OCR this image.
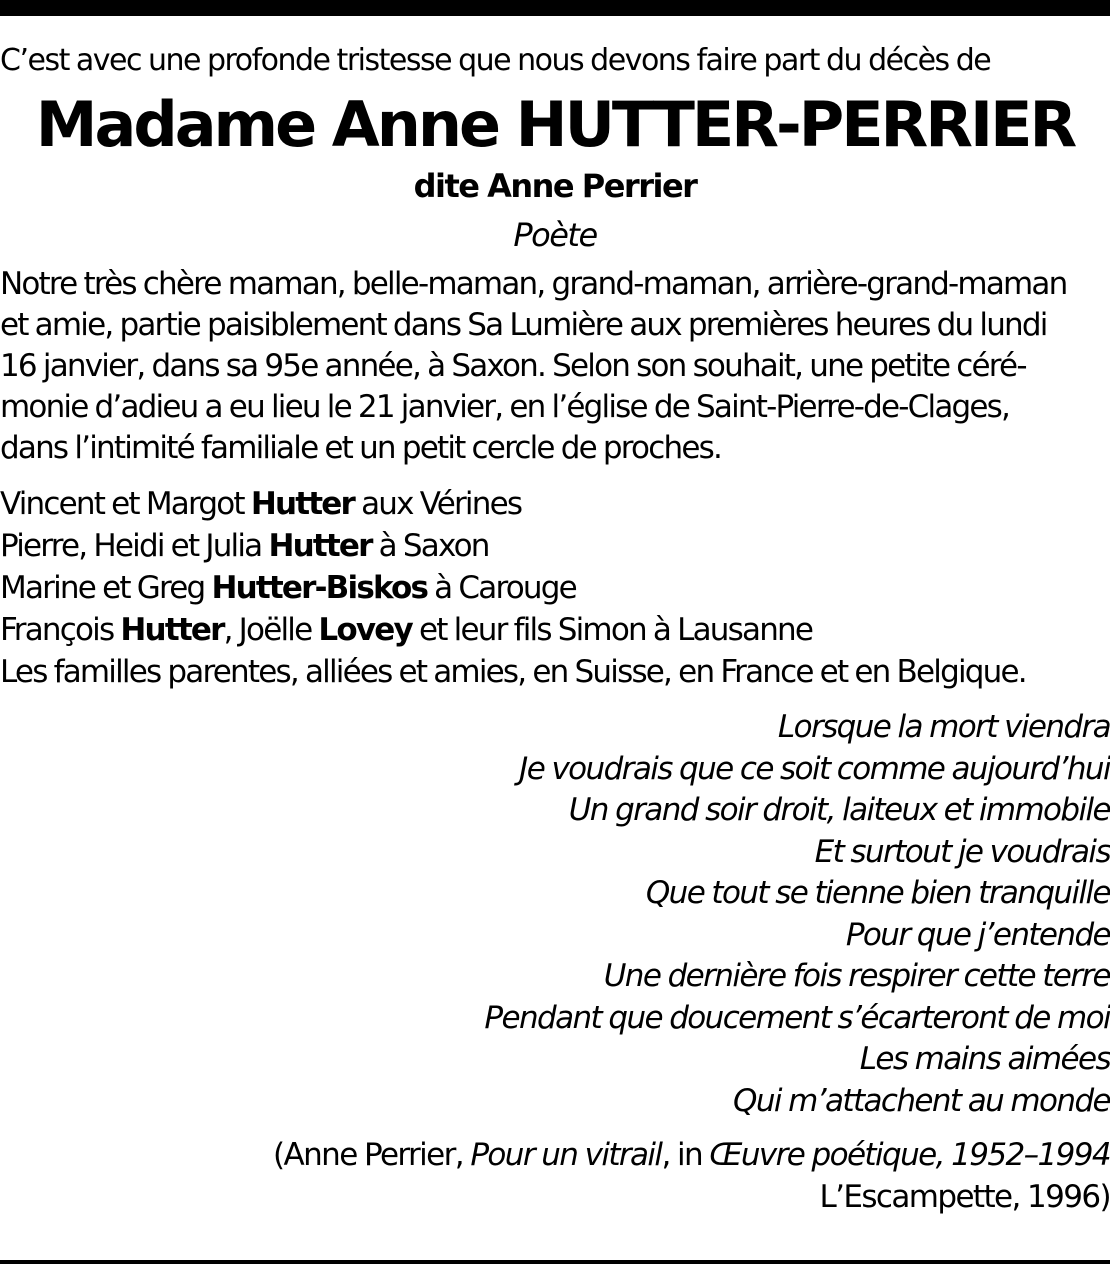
C’est avec une profonde tristesse que nous devons faire part du décès de

Madame Anne HUTTER-PERRIER

dite Anne Perrier

Poète

Notre très chère maman, belle-maman, grand-maman, arrière-grand-maman
et amie, partie paisiblement dans Sa Lumière aux premières heures du lundi
16 janvier, dans sa 95e année, à Saxon. Selon son souhait, une petite céré-
monie d’adieu a eu lieu le 21 janvier, en l’église de Saint-Pierre-de-Clages,
dans l’intimité familiale et un petit cercle de proches.

Vincent et Margot Hutter aux Vérines
Pierre, Heidi et Julia Hutter à Saxon
Marine et Greg Hutter-Biskos à Carouge
François Hutter, Joëlle Lovey et leur fils Simon à Lausanne
Les familles parentes, alliées et amies, en Suisse, en France et en Belgique.
Lorsque la mort viendra
Je voudrais que ce soit comme aujourd’hui
Un grand soir droit, laiteux et immobile
Et surtout je voudrais
Que tout se tienne bien tranquille
Pour que j’entende
Une dernière fois respirer cette terre
Pendant que doucement s’écarteront de moi
Les mains aimées
Qui m’attachent au monde
(Anne Perrier, Pour un vitrail, in Œuvre poétique, 1952–1994
L’Escampette, 1996)
